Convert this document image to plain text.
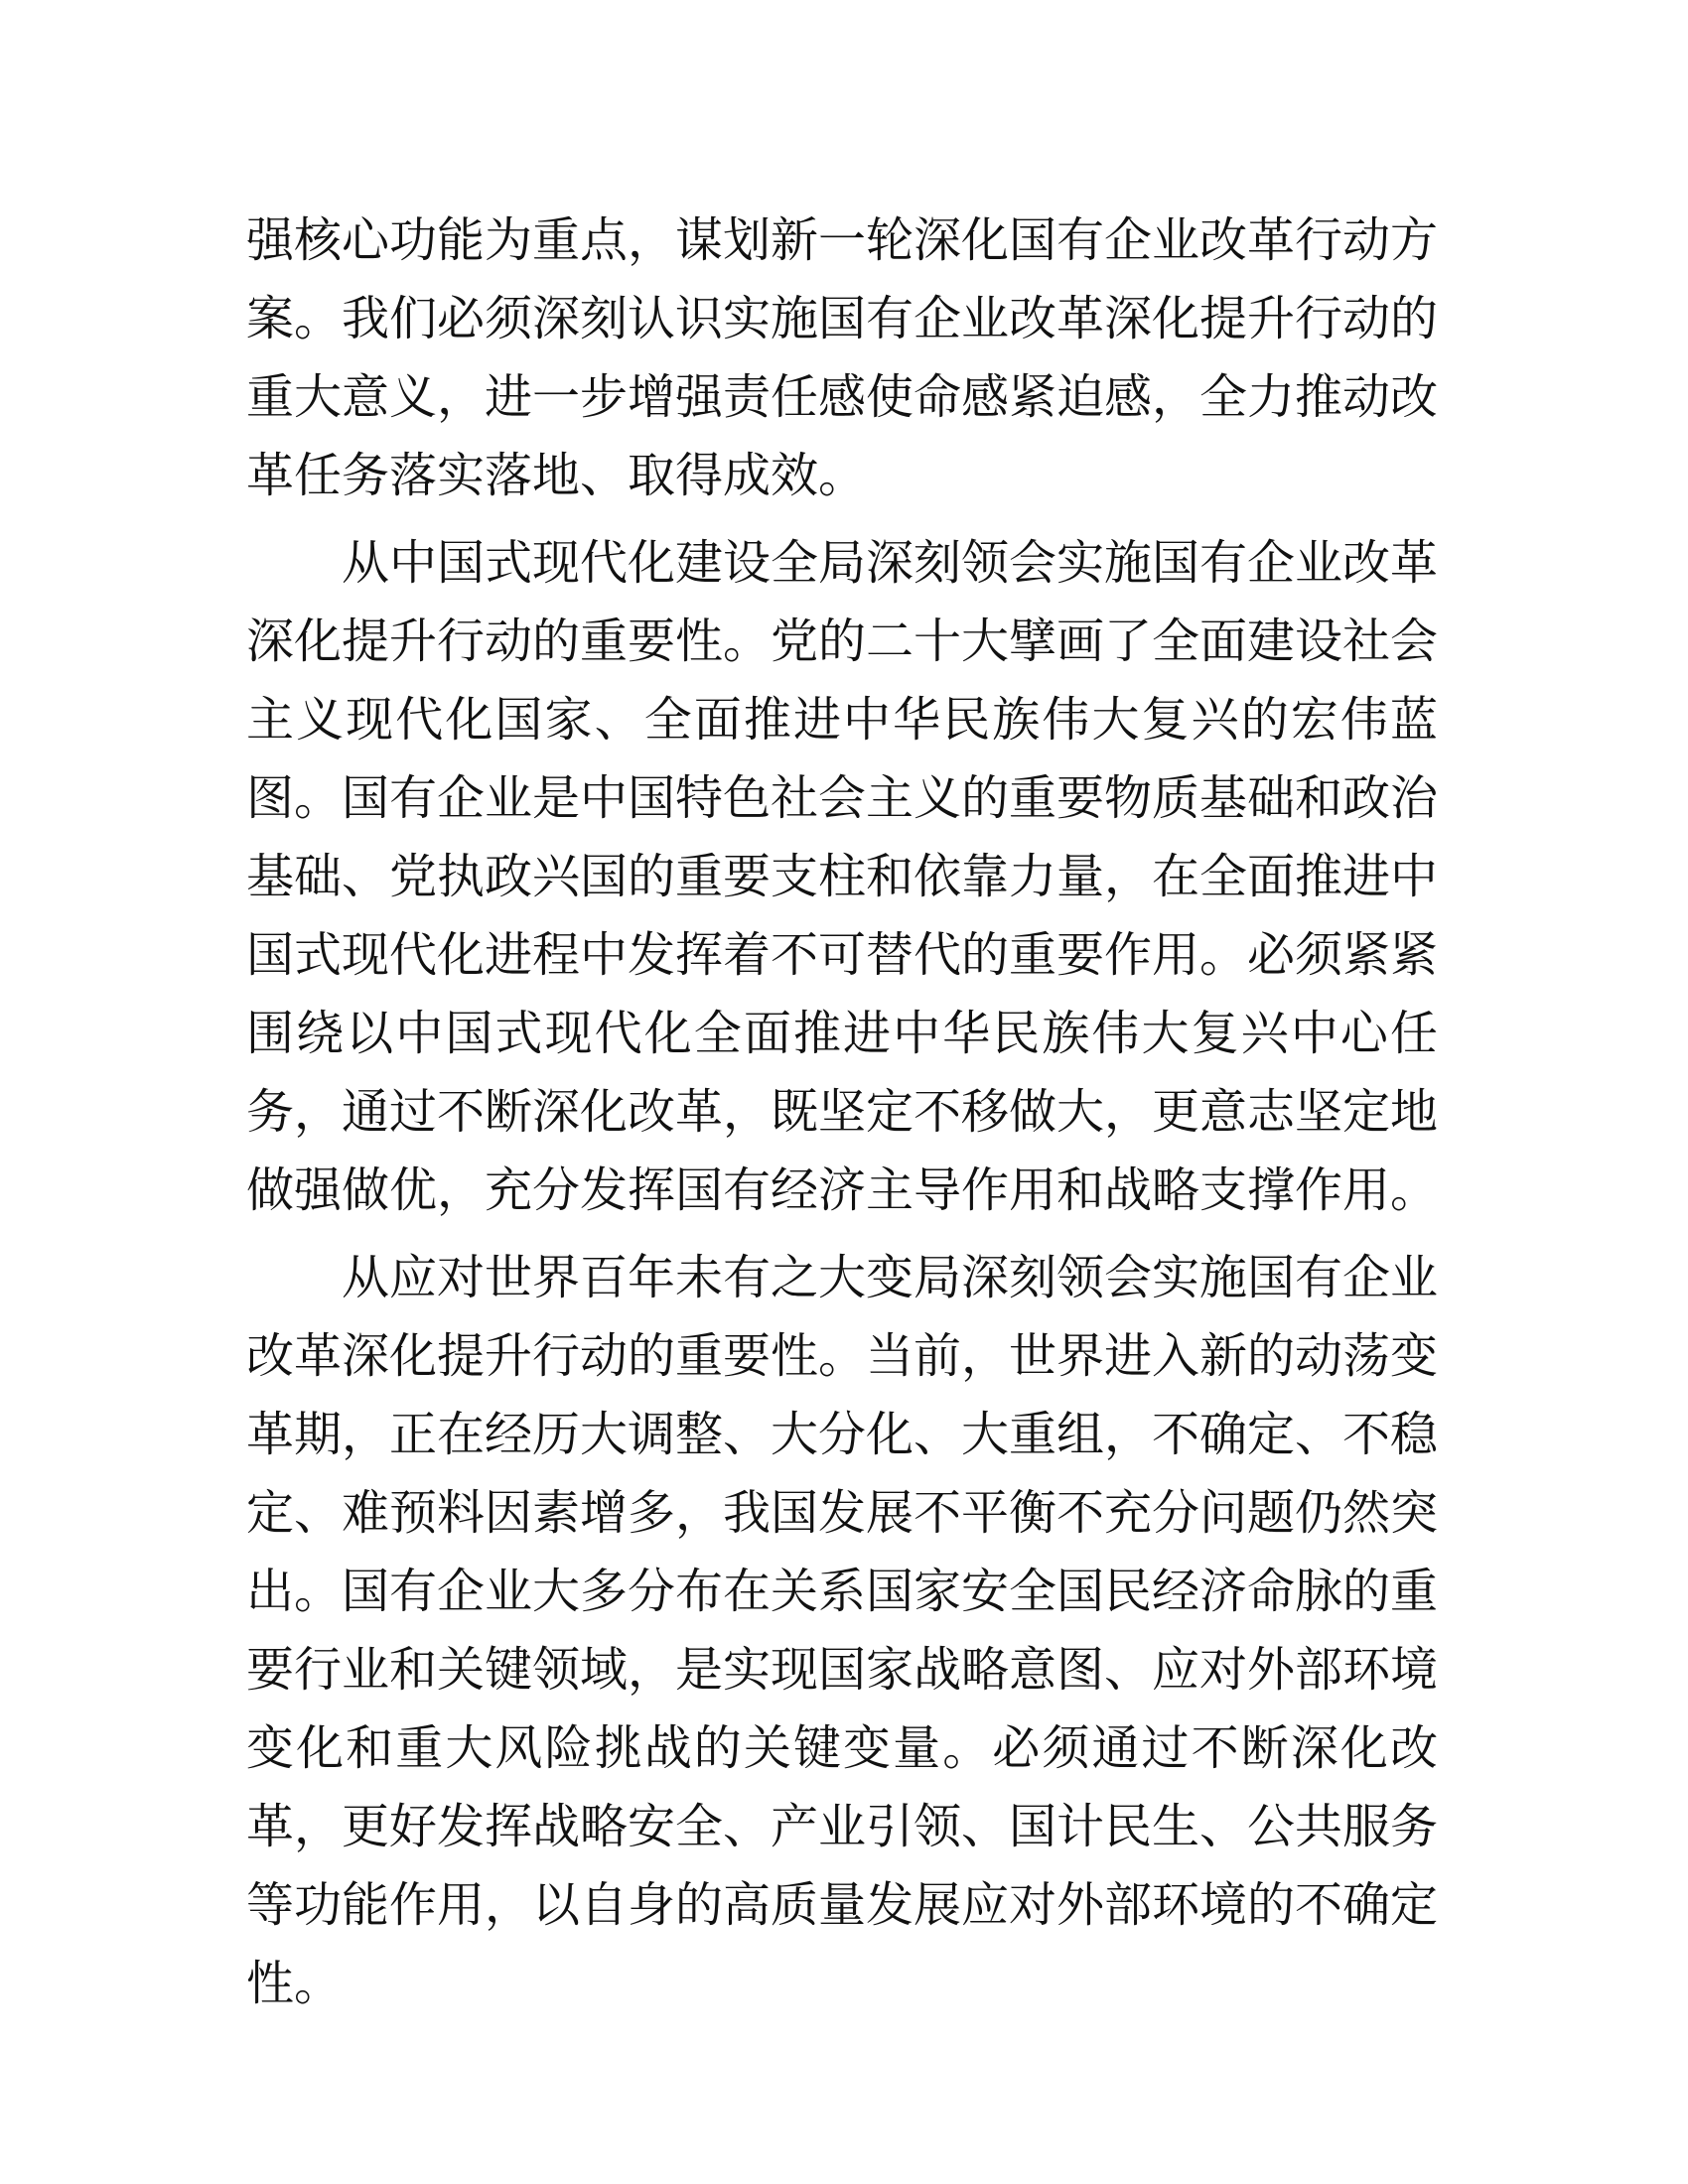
强核心功能为重点，谋划新一轮深化国有企业改革行动方案。我们必须深刻认识实施国有企业改革深化提升行动的重大意义，进一步增强责任感使命感紧迫感，全力推动改革任务落实落地、取得成效。

从中国式现代化建设全局深刻领会实施国有企业改革深化提升行动的重要性。党的二十大擘画了全面建设社会主义现代化国家、全面推进中华民族伟大复兴的宏伟蓝图。国有企业是中国特色社会主义的重要物质基础和政治基础、党执政兴国的重要支柱和依靠力量，在全面推进中国式现代化进程中发挥着不可替代的重要作用。必须紧紧围绕以中国式现代化全面推进中华民族伟大复兴中心任务，通过不断深化改革，既坚定不移做大，更意志坚定地做强做优，充分发挥国有经济主导作用和战略支撑作用。

从应对世界百年未有之大变局深刻领会实施国有企业改革深化提升行动的重要性。当前，世界进入新的动荡变革期，正在经历大调整、大分化、大重组，不确定、不稳定、难预料因素增多，我国发展不平衡不充分问题仍然突出。国有企业大多分布在关系国家安全国民经济命脉的重要行业和关键领域，是实现国家战略意图、应对外部环境变化和重大风险挑战的关键变量。必须通过不断深化改革，更好发挥战略安全、产业引领、国计民生、公共服务等功能作用，以自身的高质量发展应对外部环境的不确定性。
